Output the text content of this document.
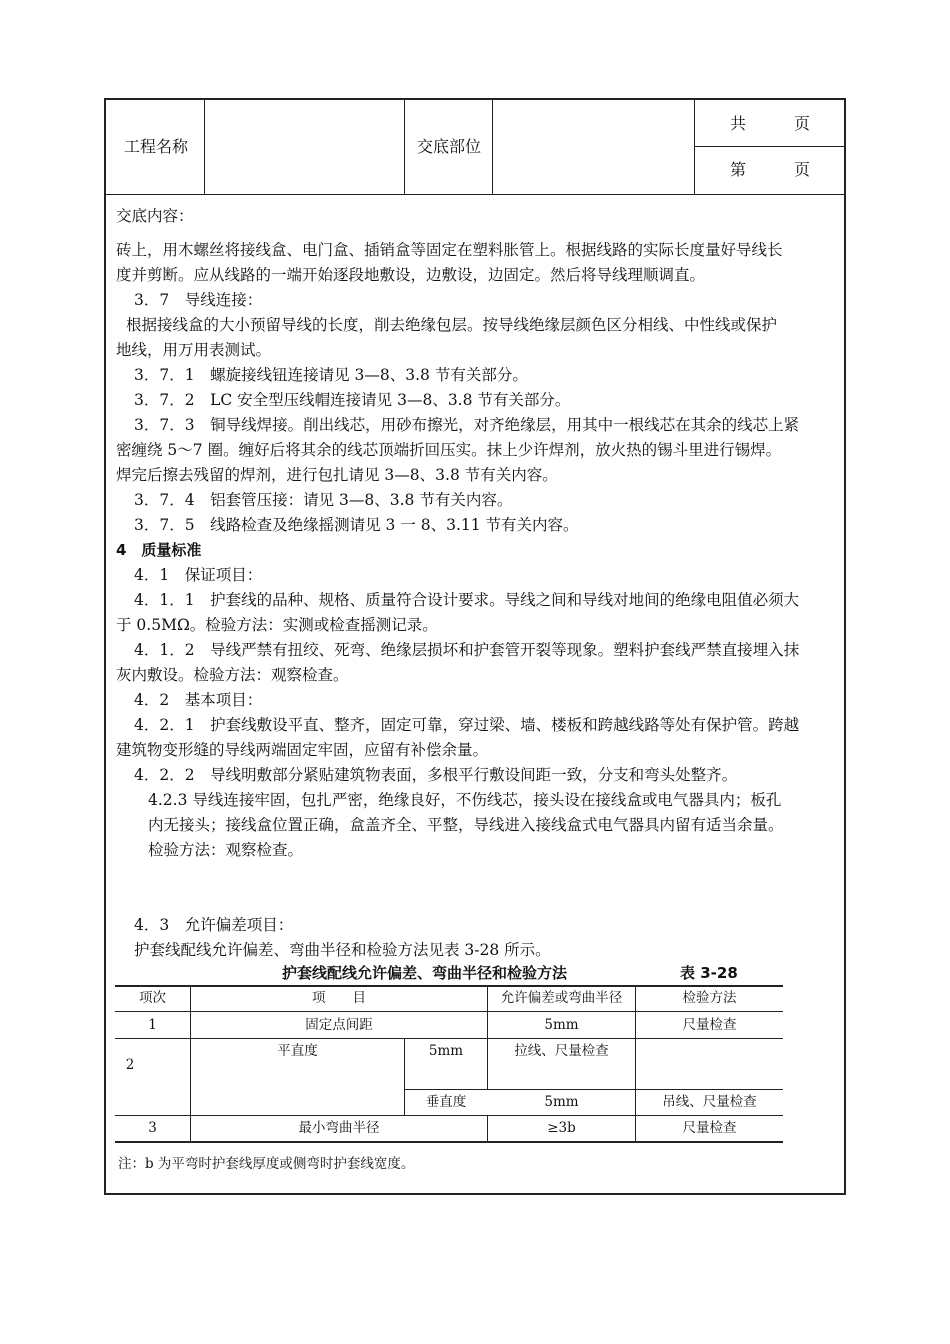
工程名称	交底部位
共　　　页
第　　　页

交底内容：

砖上，用木螺丝将接线盒、电门盒、插销盒等固定在塑料胀管上。根据线路的实际长度量好导线长

度并剪断。应从线路的一端开始逐段地敷设，边敷设，边固定。然后将导线理顺调直。

3．7　导线连接：

根据接线盒的大小预留导线的长度，削去绝缘包层。按导线绝缘层颜色区分相线、中性线或保护

地线，用万用表测试。

3．7．1　螺旋接线钮连接请见 3—8、3.8 节有关部分。

3．7．2　LC 安全型压线帽连接请见 3—8、3.8 节有关部分。

3．7．3　铜导线焊接。削出线芯，用砂布擦光，对齐绝缘层，用其中一根线芯在其余的线芯上紧

密缠绕 5～7 圈。缠好后将其余的线芯顶端折回压实。抹上少许焊剂，放火热的锡斗里进行锡焊。

焊完后擦去残留的焊剂，进行包扎请见 3—8、3.8 节有关内容。

3．7．4　铝套管压接：请见 3—8、3.8 节有关内容。

3．7．5　线路检查及绝缘摇测请见 3 一 8、3.11 节有关内容。

4　质量标准

4．1　保证项目：

4．1．1　护套线的品种、规格、质量符合设计要求。导线之间和导线对地间的绝缘电阻值必须大

于 0.5MΩ。检验方法：实测或检查摇测记录。

4．1．2　导线严禁有扭绞、死弯、绝缘层损坏和护套管开裂等现象。塑料护套线严禁直接埋入抹

灰内敷设。检验方法：观察检查。

4．2　基本项目：

4．2．1　护套线敷设平直、整齐，固定可靠，穿过梁、墙、楼板和跨越线路等处有保护管。跨越

建筑物变形缝的导线两端固定牢固，应留有补偿余量。

4．2．2　导线明敷部分紧贴建筑物表面，多根平行敷设间距一致，分支和弯头处整齐。

4.2.3 导线连接牢固，包扎严密，绝缘良好，不伤线芯，接头设在接线盒或电气器具内；板孔

内无接头；接线盒位置正确，盒盖齐全、平整，导线进入接线盒式电气器具内留有适当余量。

检验方法：观察检查。

4．3　允许偏差项目：

护套线配线允许偏差、弯曲半径和检验方法见表 3-28 所示。

护套线配线允许偏差、弯曲半径和检验方法	表 3-28
项次	项　　目	允许偏差或弯曲半径	检验方法
1	固定点间距	5mm	尺量检查
2
平直度	5mm	拉线、尺量检查
垂直度	5mm	吊线、尺量检查
3	最小弯曲半径	≥3b	尺量检查
注：b 为平弯时护套线厚度或侧弯时护套线宽度。
